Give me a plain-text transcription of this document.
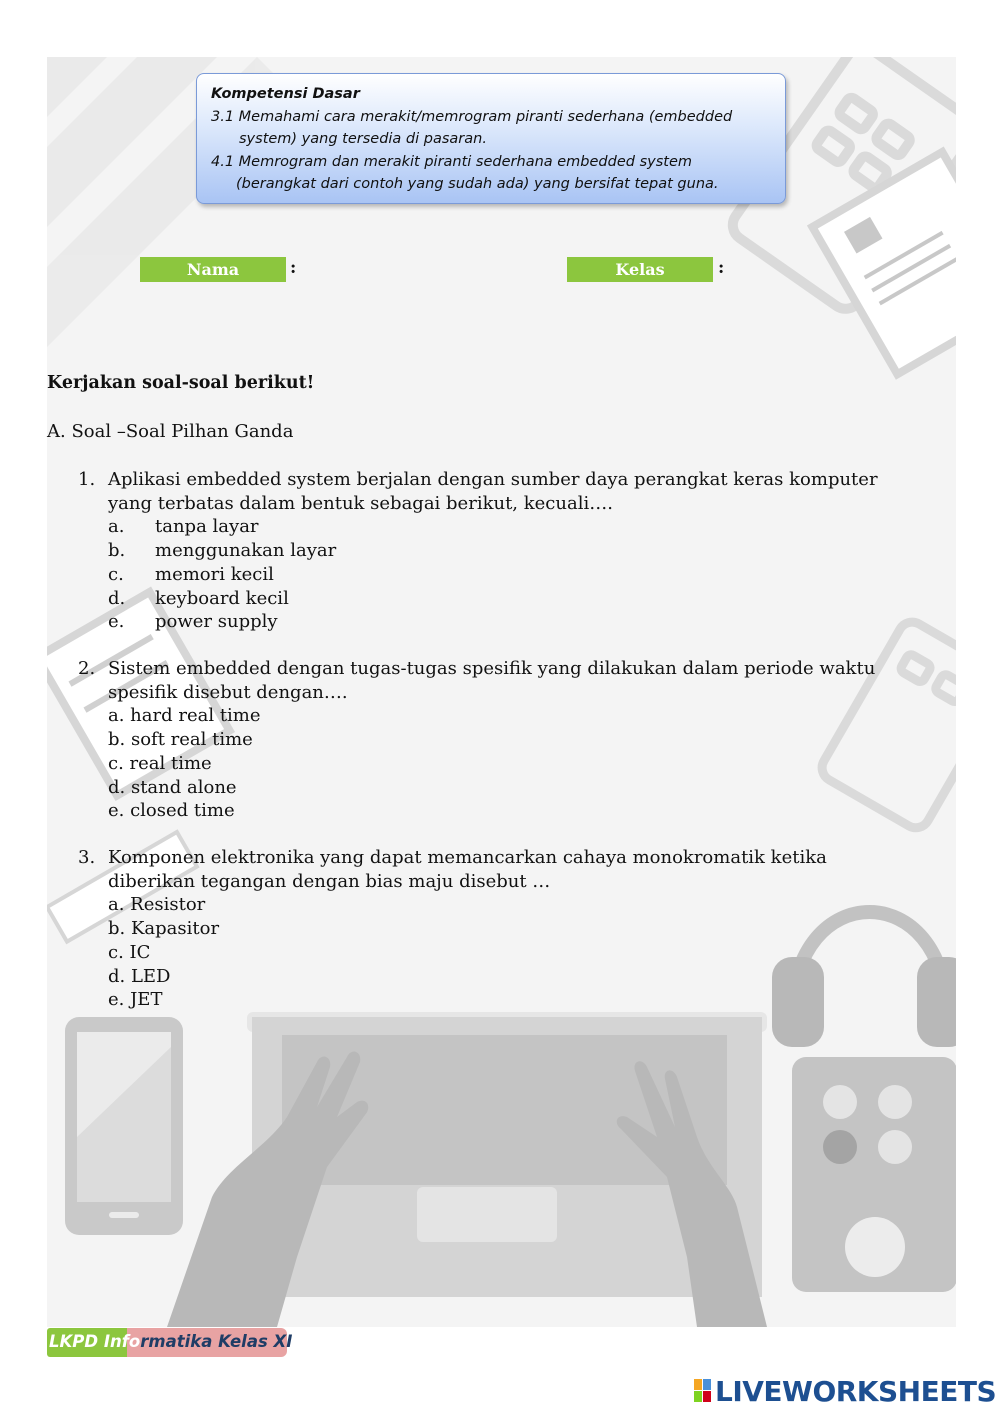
Kompetensi Dasar
3.1 Memahami cara merakit/memrogram piranti sederhana (embedded
system) yang tersedia di pasaran.
4.1 Memrogram dan merakit piranti sederhana embedded system
(berangkat dari contoh yang sudah ada) yang bersifat tepat guna.
Nama	:	Kelas	:
Kerjakan soal-soal berikut!
A. Soal –Soal Pilhan Ganda
1. Aplikasi embedded system berjalan dengan sumber daya perangkat keras komputer
yang terbatas dalam bentuk sebagai berikut, kecuali….
a. tanpa layar
b. menggunakan layar
c. memori kecil
d. keyboard kecil
e. power supply
2. Sistem embedded dengan tugas-tugas spesifik yang dilakukan dalam periode waktu
spesifik disebut dengan….
a. hard real time
b. soft real time
c. real time
d. stand alone
e. closed time
3. Komponen elektronika yang dapat memancarkan cahaya monokromatik ketika
diberikan tegangan dengan bias maju disebut …
a. Resistor
b. Kapasitor
c. IC
d. LED
e. JET
LKPD Informatika Kelas XI
LIVEWORKSHEETS
